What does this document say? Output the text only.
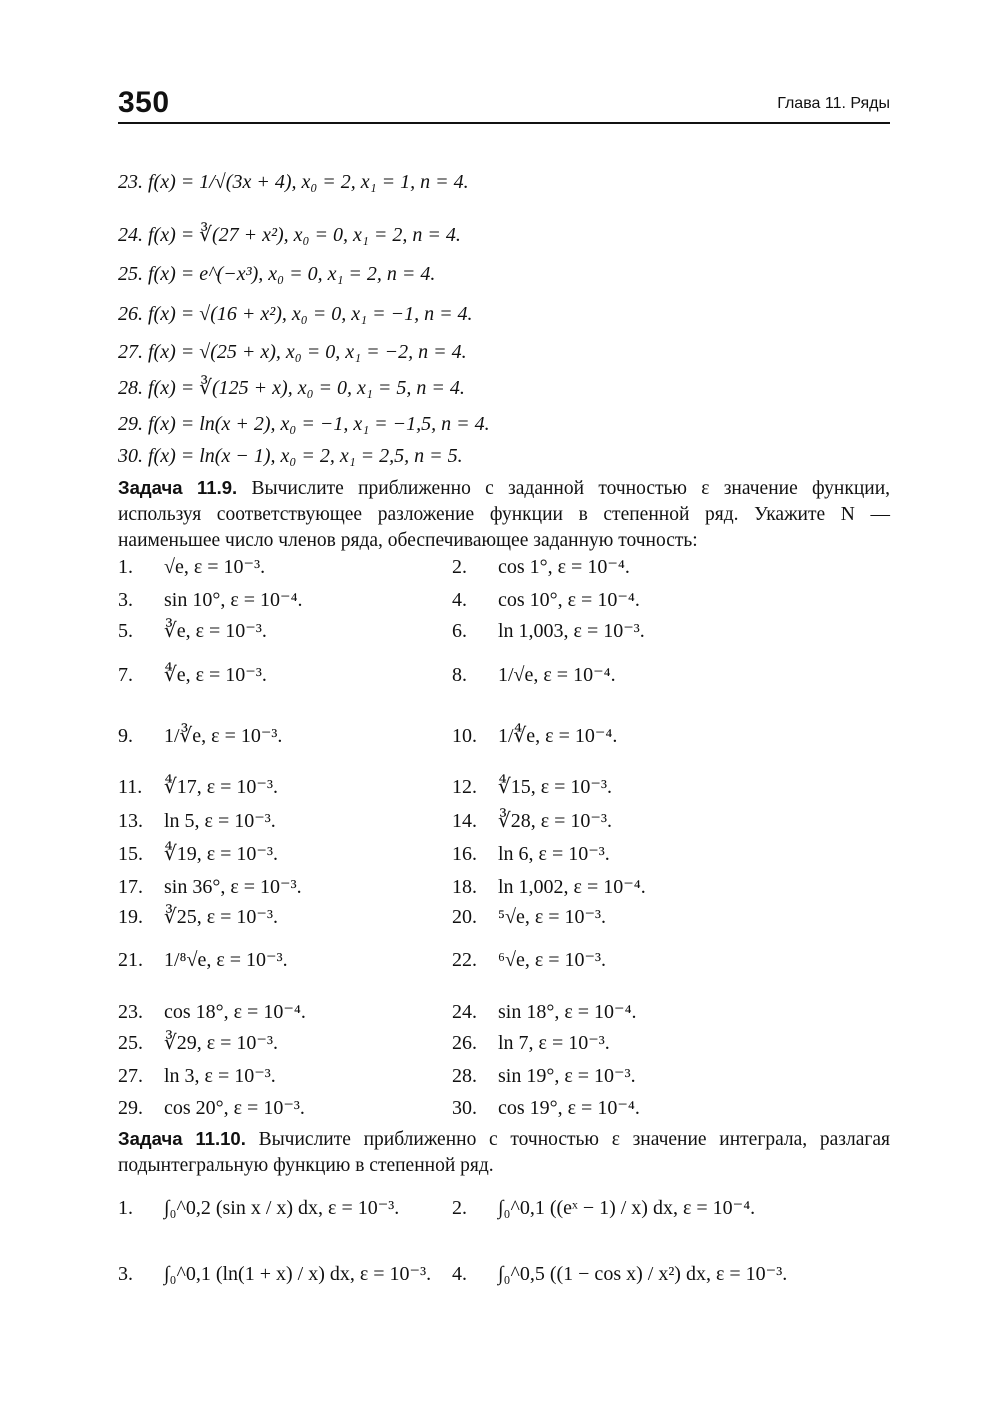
350	Глава 11. Ряды
23. f(x) = 1/√(3x + 4), x₀ = 2, x₁ = 1, n = 4.
24. f(x) = ∛(27 + x²), x₀ = 0, x₁ = 2, n = 4.
25. f(x) = e^(−x³), x₀ = 0, x₁ = 2, n = 4.
26. f(x) = √(16 + x²), x₀ = 0, x₁ = −1, n = 4.
27. f(x) = √(25 + x), x₀ = 0, x₁ = −2, n = 4.
28. f(x) = ∛(125 + x), x₀ = 0, x₁ = 5, n = 4.
29. f(x) = ln(x + 2), x₀ = −1, x₁ = −1,5, n = 4.
30. f(x) = ln(x − 1), x₀ = 2, x₁ = 2,5, n = 5.
Задача 11.9. Вычислите приближенно с заданной точностью ε значение функции, используя соответствующее разложение функции в степенной ряд. Укажите N — наименьшее число членов ряда, обеспечивающее заданную точность:
1. √e, ε = 10⁻³.	2. cos 1°, ε = 10⁻⁴.
3. sin 10°, ε = 10⁻⁴.	4. cos 10°, ε = 10⁻⁴.
5. ∛e, ε = 10⁻³.	6. ln 1,003, ε = 10⁻³.
7. ∜e, ε = 10⁻³.	8. 1/√e, ε = 10⁻⁴.
9. 1/∛e, ε = 10⁻³.	10. 1/∜e, ε = 10⁻⁴.
11. ∜17, ε = 10⁻³.	12. ∜15, ε = 10⁻³.
13. ln 5, ε = 10⁻³.	14. ∛28, ε = 10⁻³.
15. ∜19, ε = 10⁻³.	16. ln 6, ε = 10⁻³.
17. sin 36°, ε = 10⁻³.	18. ln 1,002, ε = 10⁻⁴.
19. ∛25, ε = 10⁻³.	20. ⁵√e, ε = 10⁻³.
21. 1/⁸√e, ε = 10⁻³.	22. ⁶√e, ε = 10⁻³.
23. cos 18°, ε = 10⁻⁴.	24. sin 18°, ε = 10⁻⁴.
25. ∛29, ε = 10⁻³.	26. ln 7, ε = 10⁻³.
27. ln 3, ε = 10⁻³.	28. sin 19°, ε = 10⁻³.
29. cos 20°, ε = 10⁻³.	30. cos 19°, ε = 10⁻⁴.
Задача 11.10. Вычислите приближенно с точностью ε значение интеграла, разлагая подынтегральную функцию в степенной ряд.
1. ∫₀^0,2 (sin x / x) dx, ε = 10⁻³.	2. ∫₀^0,1 ((eˣ − 1) / x) dx, ε = 10⁻⁴.
3. ∫₀^0,1 (ln(1 + x) / x) dx, ε = 10⁻³. 4. ∫₀^0,5 ((1 − cos x) / x²) dx, ε = 10⁻³.
